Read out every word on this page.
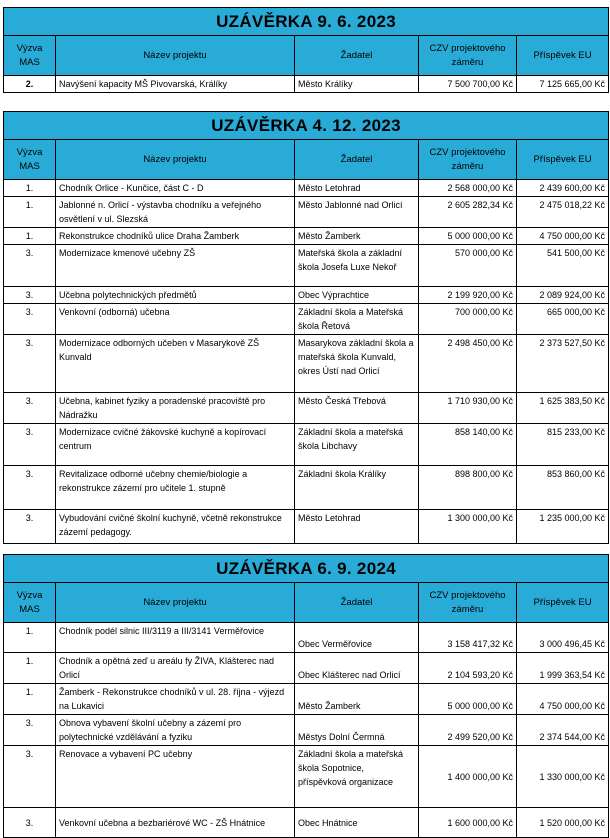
UZÁVĚRKA 9. 6. 2023				
Výzva MAS	Název projektu	Žadatel	CZV projektového záměru	Příspěvek EU
2.	Navýšení kapacity MŠ Pivovarská, Králíky	Město Králíky	7 500 700,00 Kč	7 125 665,00 Kč
UZÁVĚRKA 4. 12. 2023				
Výzva MAS	Název projektu	Žadatel	CZV projektového záměru	Příspěvek EU
1.	Chodník Orlice - Kunčice, část C - D	Město Letohrad	2 568 000,00 Kč	2 439 600,00 Kč
1.	Jablonné n. Orlicí - výstavba chodníku a veřejného osvětlení v ul. Slezská	Město Jablonné nad Orlicí	2 605 282,34 Kč	2 475 018,22 Kč
1.	Rekonstrukce chodníků ulice Draha Žamberk	Město Žamberk	5 000 000,00 Kč	4 750 000,00 Kč
3.	Modernizace kmenové učebny ZŠ	Mateřská škola a základní škola Josefa Luxe Nekoř	570 000,00 Kč	541 500,00 Kč
3.	Učebna polytechnických předmětů	Obec Výprachtice	2 199 920,00 Kč	2 089 924,00 Kč
3.	Venkovní (odborná) učebna	Základní škola a Mateřská škola Řetová	700 000,00 Kč	665 000,00 Kč
3.	Modernizace odborných učeben v Masarykově ZŠ Kunvald	Masarykova základní škola a mateřská škola Kunvald, okres Ústí nad Orlicí	2 498 450,00 Kč	2 373 527,50 Kč
3.	Učebna, kabinet fyziky a poradenské pracoviště pro Nádražku	Město Česká Třebová	1 710 930,00 Kč	1 625 383,50 Kč
3.	Modernizace cvičné žákovské kuchyně a kopírovací centrum	Základní škola a mateřská škola Libchavy	858 140,00 Kč	815 233,00 Kč
3.	Revitalizace odborné učebny chemie/biologie a rekonstrukce zázemí pro učitele 1. stupně	Základní škola Králíky	898 800,00 Kč	853 860,00 Kč
3.	Vybudování cvičné školní kuchyně, včetně rekonstrukce zázemí pedagogy.	Město Letohrad	1 300 000,00 Kč	1 235 000,00 Kč
UZÁVĚRKA 6. 9. 2024				
Výzva MAS	Název projektu	Žadatel	CZV projektového záměru	Příspěvek EU
1.	Chodník podél silnic III/3119 a III/3141 Verměřovice	Obec Verměřovice	3 158 417,32 Kč	3 000 496,45 Kč
1.	Chodník a opětná zeď u areálu fy ŽIVA, Klášterec nad Orlicí	Obec Klášterec nad Orlicí	2 104 593,20 Kč	1 999 363,54 Kč
1.	Žamberk - Rekonstrukce chodníků v ul. 28. října - výjezd na Lukavici	Město Žamberk	5 000 000,00 Kč	4 750 000,00 Kč
3.	Obnova vybavení školní učebny a zázemí pro polytechnické vzdělávání a fyziku	Městys Dolní Čermná	2 499 520,00 Kč	2 374 544,00 Kč
3.	Renovace a vybavení PC učebny	Základní škola a mateřská škola Sopotnice, příspěvková organizace	1 400 000,00 Kč	1 330 000,00 Kč
3.	Venkovní učebna a bezbariérové WC - ZŠ Hnátnice	Obec Hnátnice	1 600 000,00 Kč	1 520 000,00 Kč
